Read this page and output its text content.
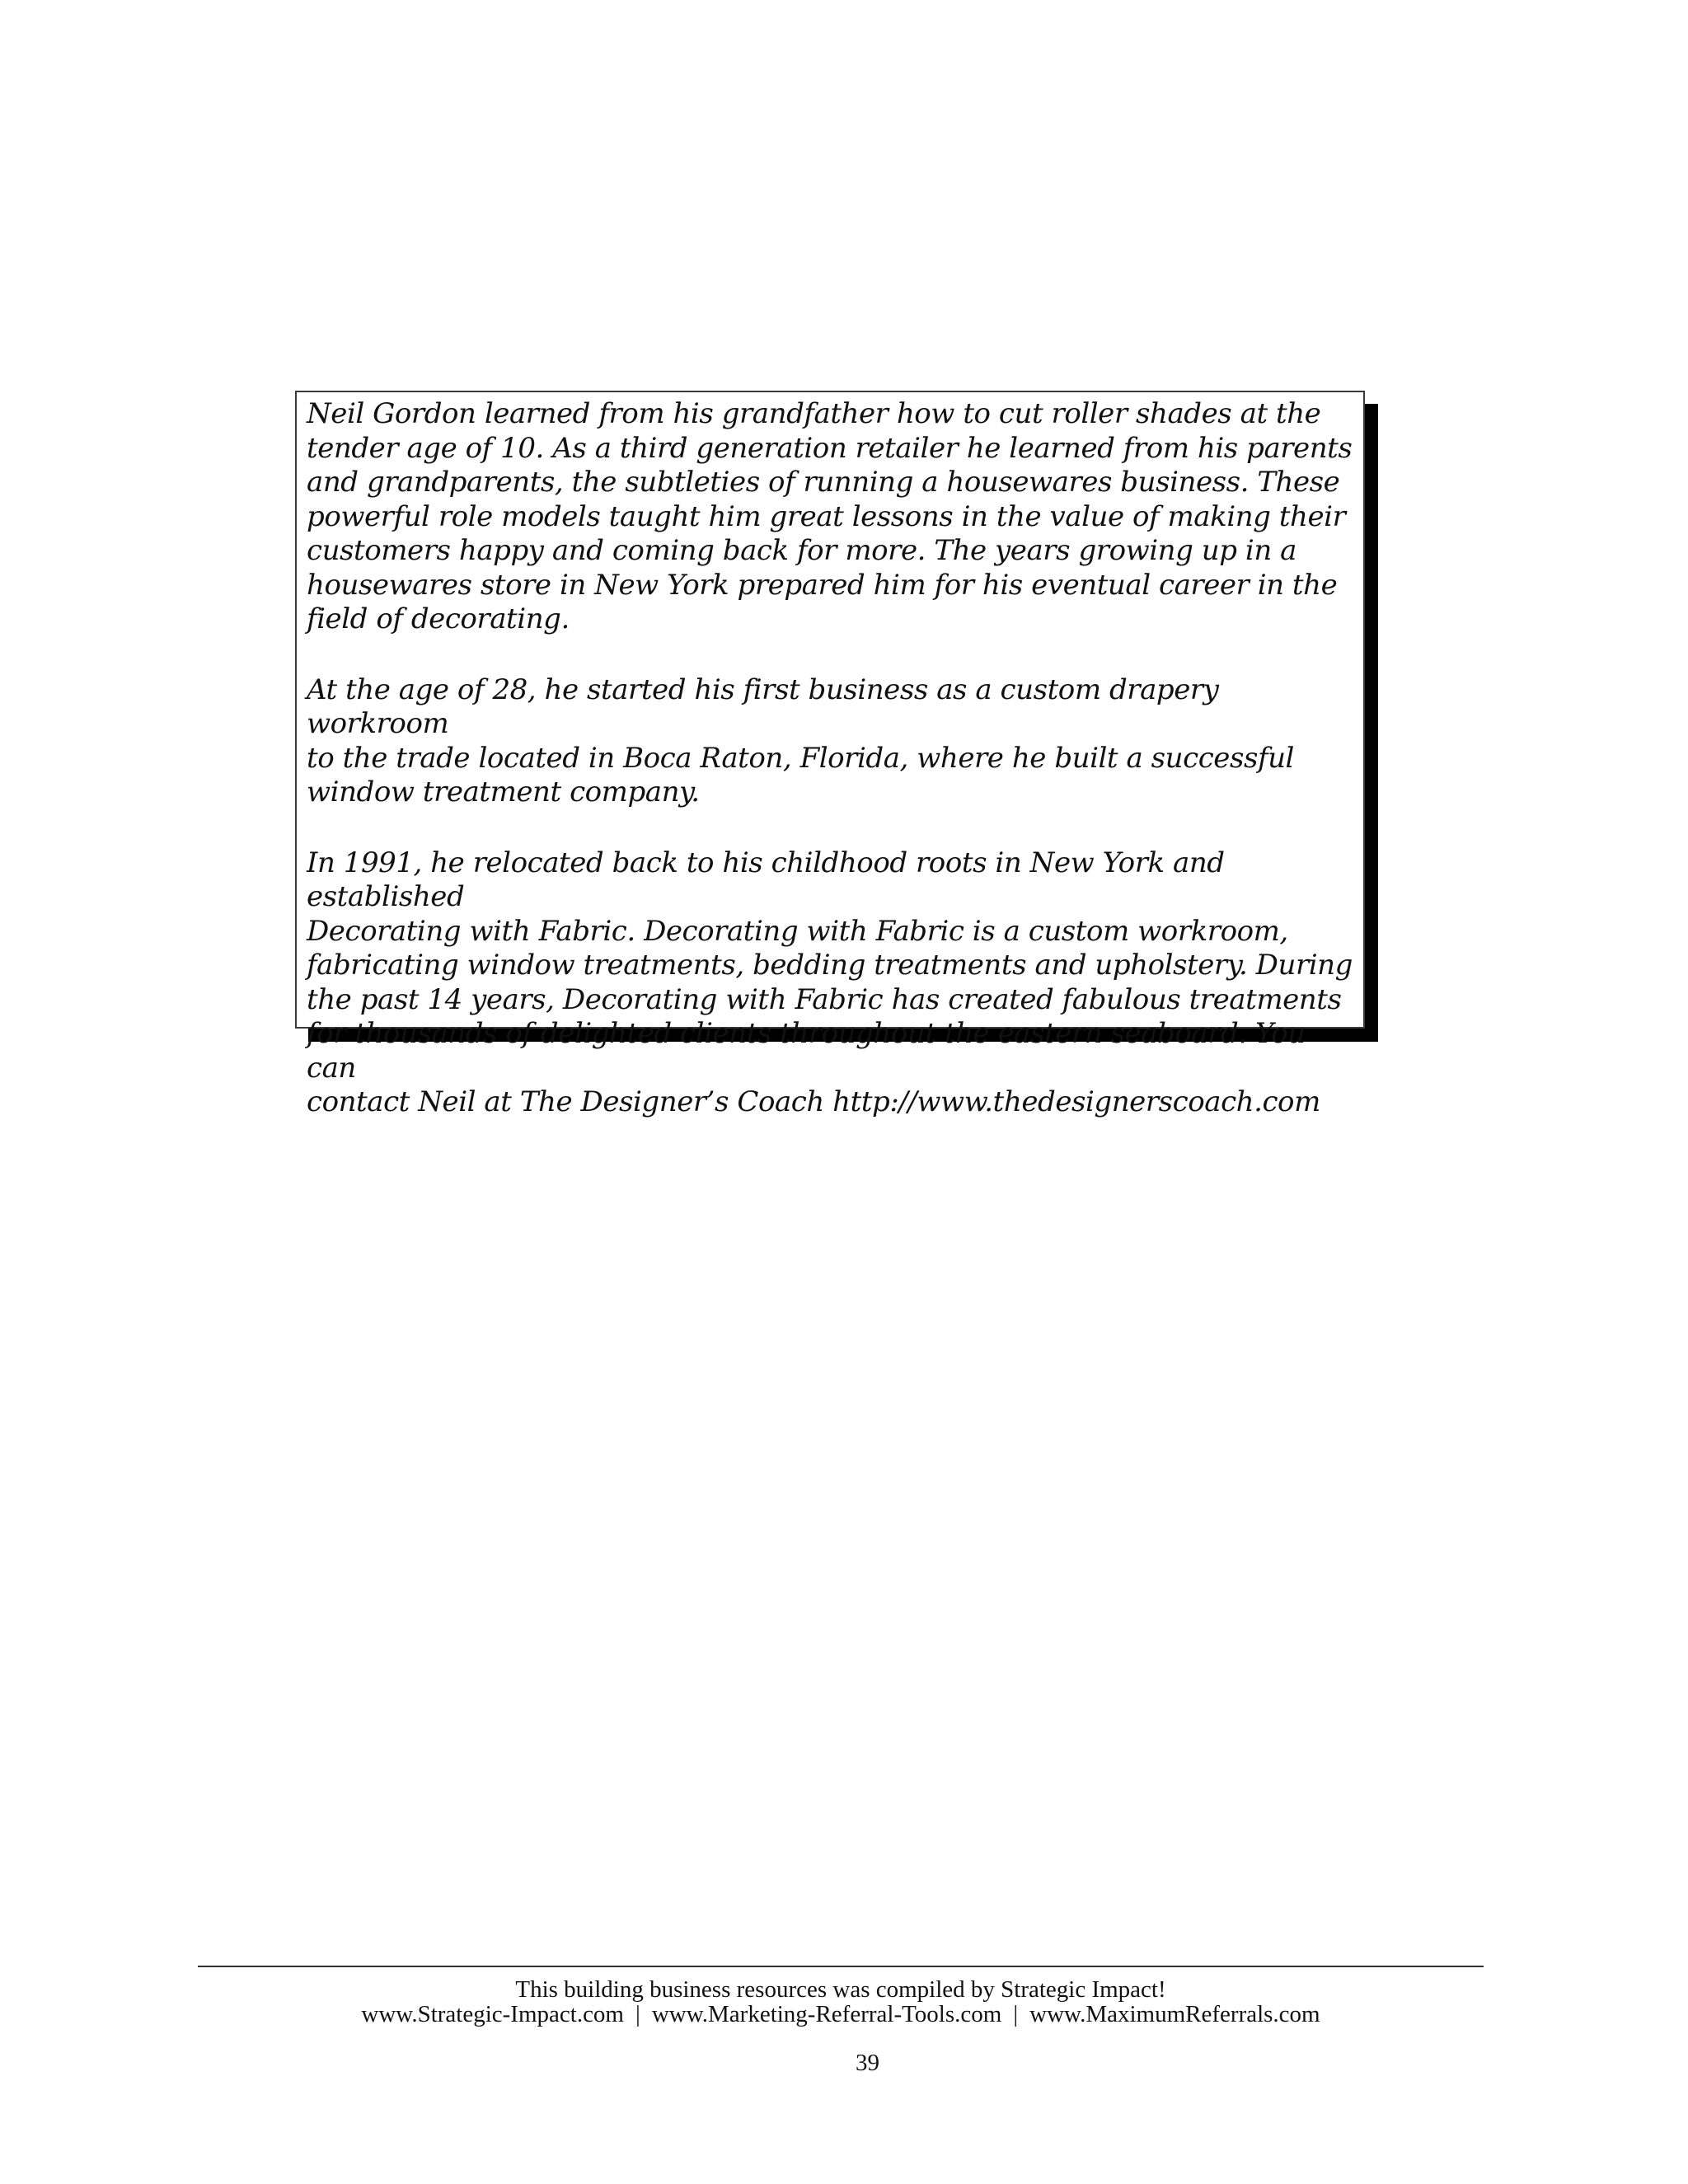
Neil Gordon learned from his grandfather how to cut roller shades at the
tender age of 10. As a third generation retailer he learned from his parents
and grandparents, the subtleties of running a housewares business. These
powerful role models taught him great lessons in the value of making their
customers happy and coming back for more. The years growing up in a
housewares store in New York prepared him for his eventual career in the
field of decorating.

At the age of 28, he started his first business as a custom drapery workroom
to the trade located in Boca Raton, Florida, where he built a successful
window treatment company.

In 1991, he relocated back to his childhood roots in New York and established
Decorating with Fabric. Decorating with Fabric is a custom workroom,
fabricating window treatments, bedding treatments and upholstery. During
the past 14 years, Decorating with Fabric has created fabulous treatments
for thousands of delighted clients throughout the eastern seaboard. You can
contact Neil at The Designer’s Coach http://www.thedesignerscoach.com

This building business resources was compiled by Strategic Impact!
www.Strategic-Impact.com | www.Marketing-Referral-Tools.com | www.MaximumReferrals.com
39
